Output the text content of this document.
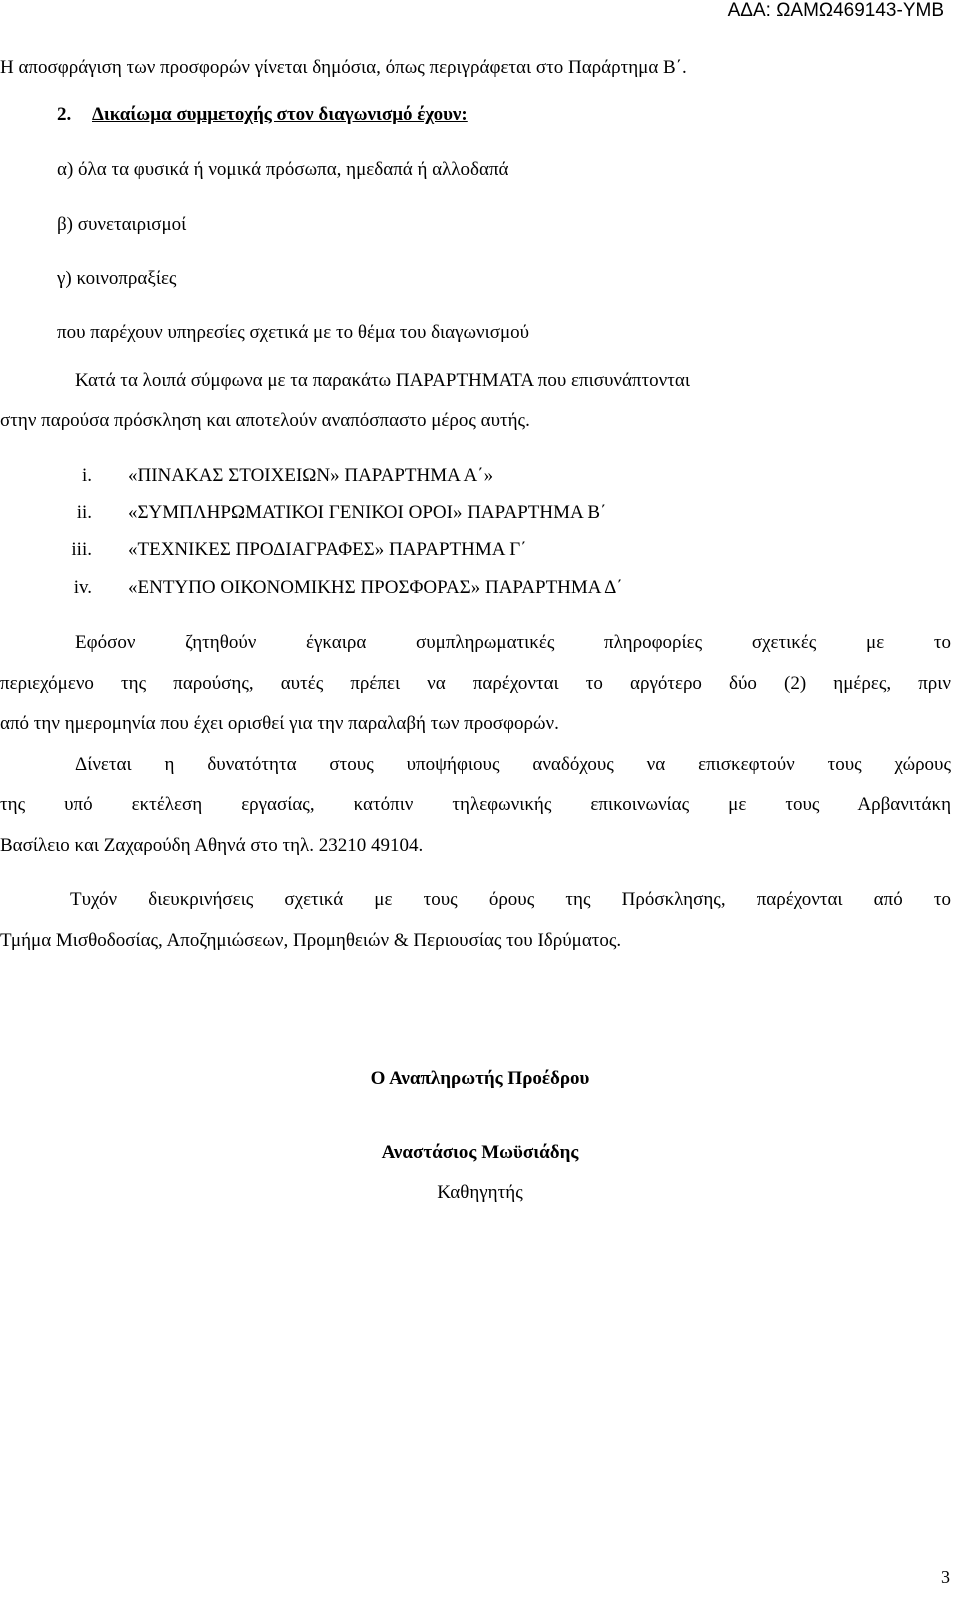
ΑΔΑ: ΩΑΜΩ469143-ΥΜΒ
Η αποσφράγιση των προσφορών γίνεται δημόσια, όπως περιγράφεται στο Παράρτημα Β΄.
2. Δικαίωμα συμμετοχής στον διαγωνισμό έχουν:
α) όλα τα φυσικά ή νομικά πρόσωπα, ημεδαπά ή αλλοδαπά
β) συνεταιρισμοί
γ) κοινοπραξίες
που παρέχουν υπηρεσίες σχετικά με το θέμα του διαγωνισμού
Κατά τα λοιπά σύμφωνα με τα παρακάτω ΠΑΡΑΡΤΗΜΑΤΑ που επισυνάπτονται
στην παρούσα πρόσκληση και αποτελούν αναπόσπαστο μέρος αυτής.
i. «ΠΙΝΑΚΑΣ ΣΤΟΙΧΕΙΩΝ» ΠΑΡΑΡΤΗΜΑ Α΄»
ii. «ΣΥΜΠΛΗΡΩΜΑΤΙΚΟΙ ΓΕΝΙΚΟΙ ΟΡΟΙ» ΠΑΡΑΡΤΗΜΑ Β΄
iii. «ΤΕΧΝΙΚΕΣ ΠΡΟΔΙΑΓΡΑΦΕΣ» ΠΑΡΑΡΤΗΜΑ Γ΄
iv. «ΕΝΤΥΠΟ ΟΙΚΟΝΟΜΙΚΗΣ ΠΡΟΣΦΟΡΑΣ» ΠΑΡΑΡΤΗΜΑ Δ΄
Εφόσον ζητηθούν έγκαιρα συμπληρωματικές πληροφορίες σχετικές με το
περιεχόμενο της παρούσης, αυτές πρέπει να παρέχονται το αργότερο δύο (2) ημέρες, πριν
από την ημερομηνία που έχει ορισθεί για την παραλαβή των προσφορών.
Δίνεται η δυνατότητα στους υποψήφιους αναδόχους να επισκεφτούν τους χώρους
της υπό εκτέλεση εργασίας, κατόπιν τηλεφωνικής επικοινωνίας με τους Αρβανιτάκη
Βασίλειο και Ζαχαρούδη Αθηνά στο τηλ. 23210 49104.
Τυχόν διευκρινήσεις σχετικά με τους όρους της Πρόσκλησης, παρέχονται από το
Τμήμα Μισθοδοσίας, Αποζημιώσεων, Προμηθειών & Περιουσίας του Ιδρύματος.
Ο Αναπληρωτής Προέδρου
Αναστάσιος Μωϋσιάδης
Καθηγητής
3
